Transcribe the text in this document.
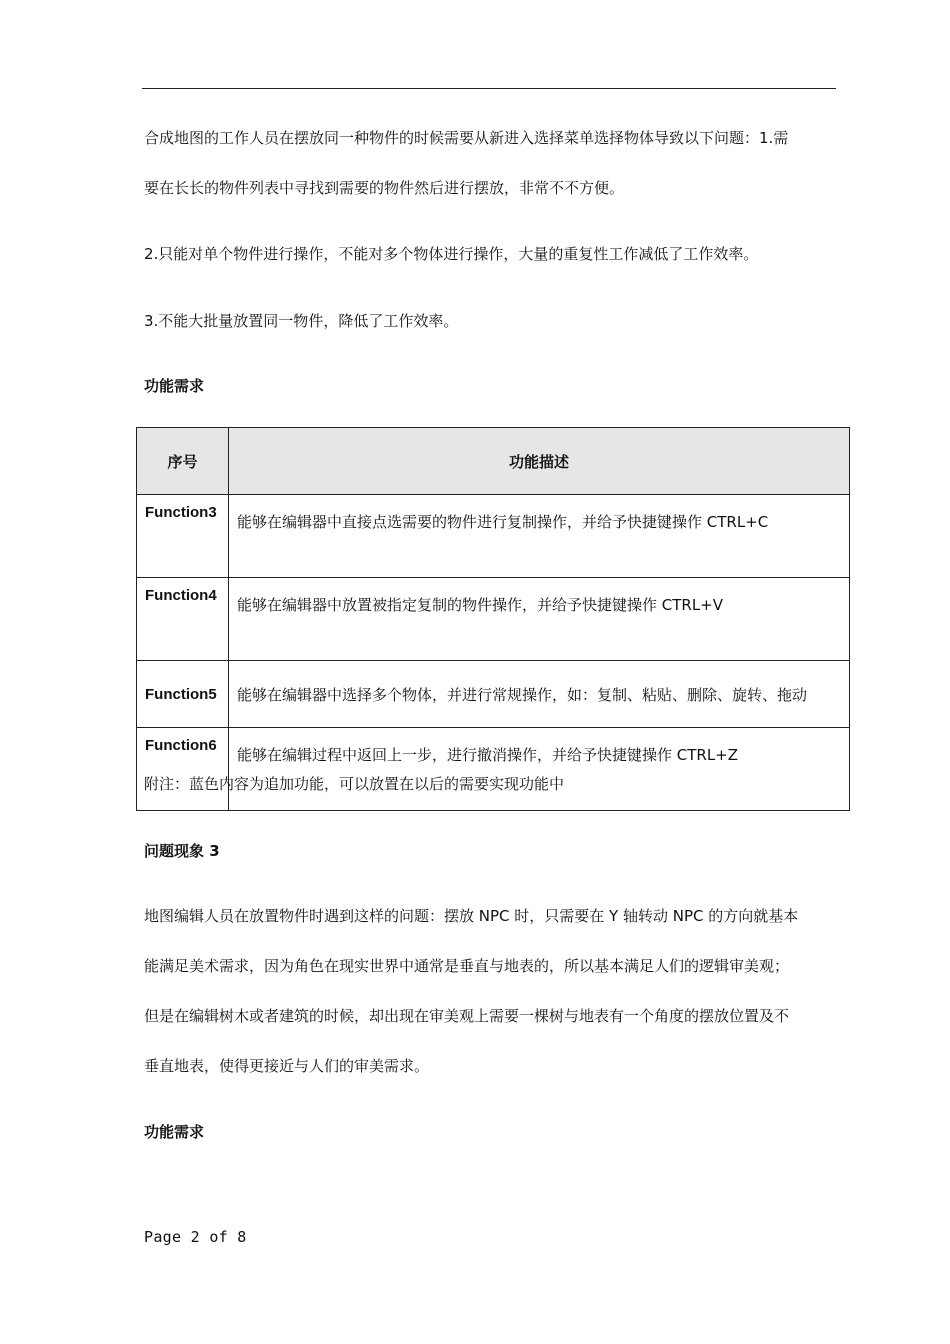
合成地图的工作人员在摆放同一种物件的时候需要从新进入选择菜单选择物体导致以下问题：1.需

要在长长的物件列表中寻找到需要的物件然后进行摆放，非常不不方便。

2.只能对单个物件进行操作，不能对多个物体进行操作，大量的重复性工作减低了工作效率。

3.不能大批量放置同一物件，降低了工作效率。

功能需求

序号	功能描述
Function3	能够在编辑器中直接点选需要的物件进行复制操作，并给予快捷键操作 CTRL+C
Function4	能够在编辑器中放置被指定复制的物件操作，并给予快捷键操作 CTRL+V
Function5	能够在编辑器中选择多个物体，并进行常规操作，如：复制、粘贴、删除、旋转、拖动
Function6	能够在编辑过程中返回上一步，进行撤消操作，并给予快捷键操作 CTRL+Z

附注：蓝色内容为追加功能，可以放置在以后的需要实现功能中

问题现象 3

地图编辑人员在放置物件时遇到这样的问题：摆放 NPC 时，只需要在 Y 轴转动 NPC 的方向就基本

能满足美术需求，因为角色在现实世界中通常是垂直与地表的，所以基本满足人们的逻辑审美观；

但是在编辑树木或者建筑的时候，却出现在审美观上需要一棵树与地表有一个角度的摆放位置及不

垂直地表，使得更接近与人们的审美需求。

功能需求

Page 2 of 8
